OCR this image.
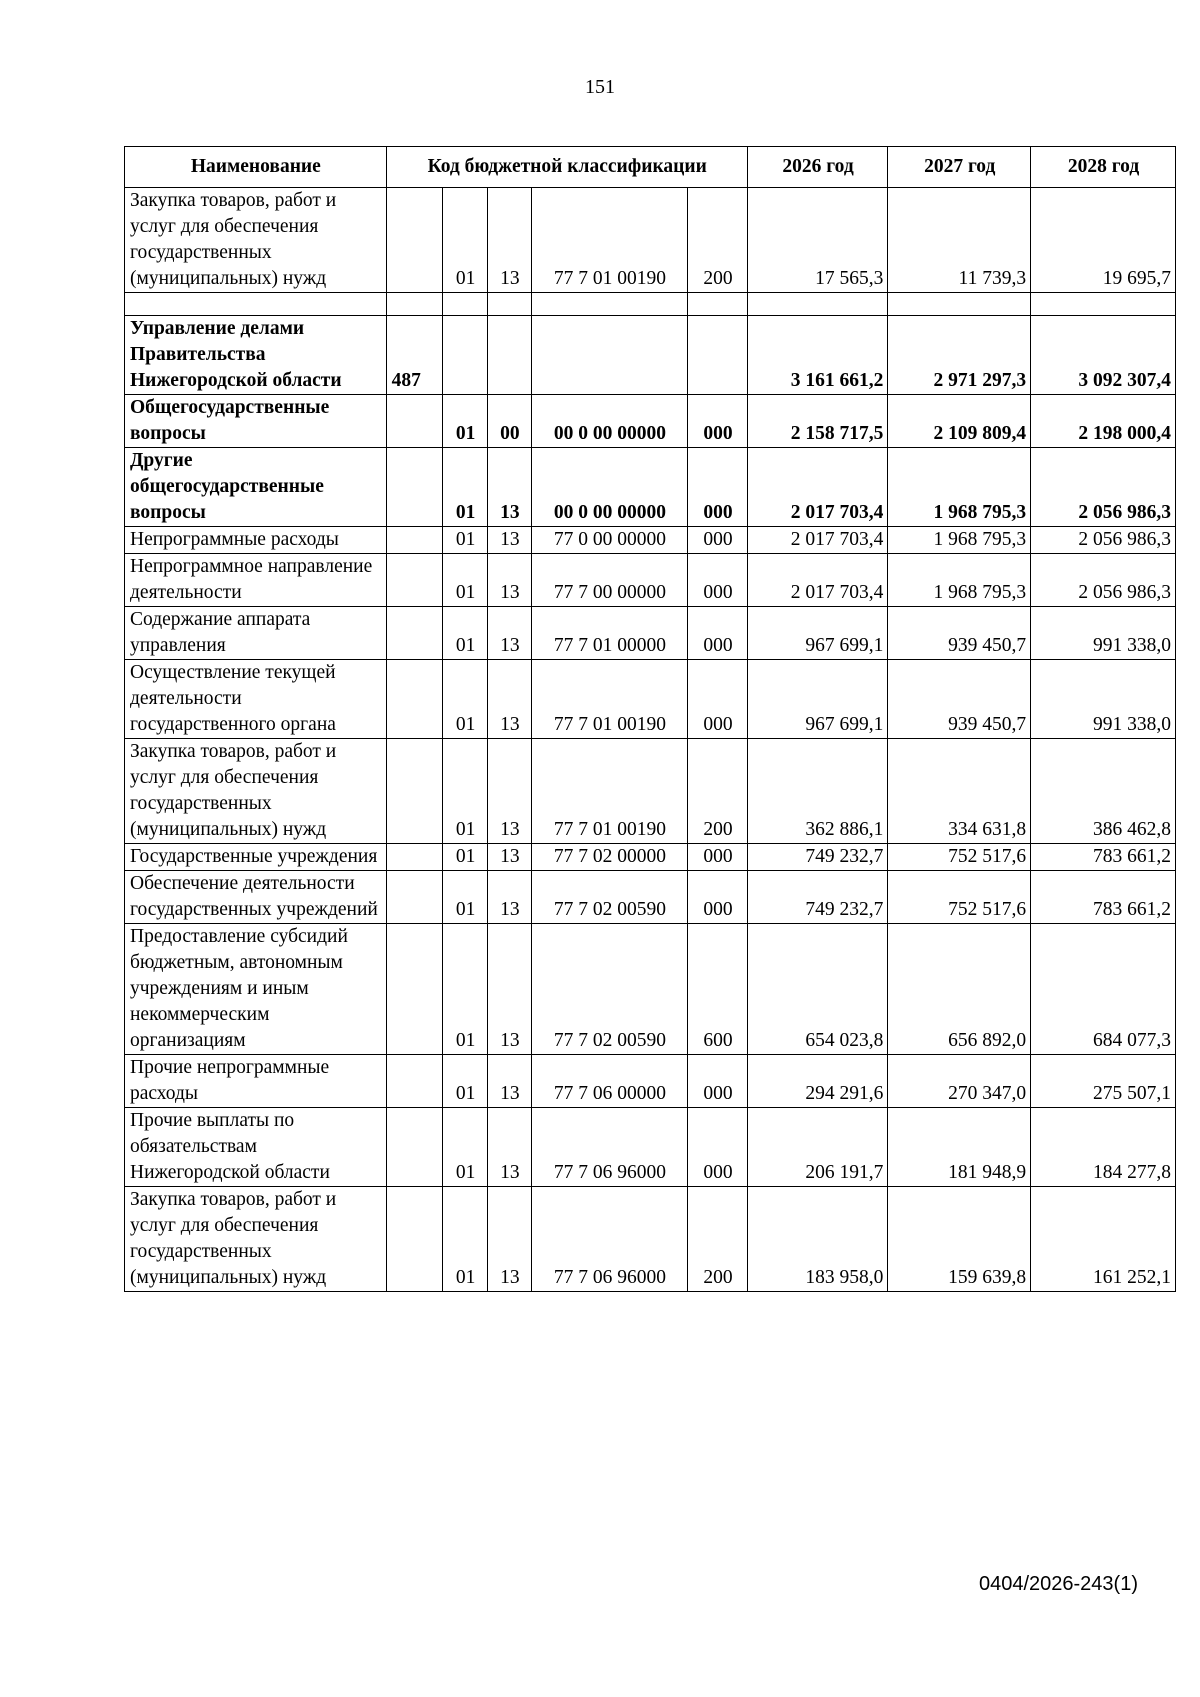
151
Наименование	Код бюджетной классификации					2026 год	2027 год	2028 год
Закупка товаров, работ и услуг для обеспечения государственных (муниципальных) нужд		01	13	77 7 01 00190	200	17 565,3	11 739,3	19 695,7

Управление делами Правительства Нижегородской области	487					3 161 661,2	2 971 297,3	3 092 307,4
Общегосударственные вопросы		01	00	00 0 00 00000	000	2 158 717,5	2 109 809,4	2 198 000,4
Другие общегосударственные вопросы		01	13	00 0 00 00000	000	2 017 703,4	1 968 795,3	2 056 986,3
Непрограммные расходы		01	13	77 0 00 00000	000	2 017 703,4	1 968 795,3	2 056 986,3
Непрограммное направление деятельности		01	13	77 7 00 00000	000	2 017 703,4	1 968 795,3	2 056 986,3
Содержание аппарата управления		01	13	77 7 01 00000	000	967 699,1	939 450,7	991 338,0
Осуществление текущей деятельности государственного органа		01	13	77 7 01 00190	000	967 699,1	939 450,7	991 338,0
Закупка товаров, работ и услуг для обеспечения государственных (муниципальных) нужд		01	13	77 7 01 00190	200	362 886,1	334 631,8	386 462,8
Государственные учреждения		01	13	77 7 02 00000	000	749 232,7	752 517,6	783 661,2
Обеспечение деятельности государственных учреждений		01	13	77 7 02 00590	000	749 232,7	752 517,6	783 661,2
Предоставление субсидий бюджетным, автономным учреждениям и иным некоммерческим организациям		01	13	77 7 02 00590	600	654 023,8	656 892,0	684 077,3
Прочие непрограммные расходы		01	13	77 7 06 00000	000	294 291,6	270 347,0	275 507,1
Прочие выплаты по обязательствам Нижегородской области		01	13	77 7 06 96000	000	206 191,7	181 948,9	184 277,8
Закупка товаров, работ и услуг для обеспечения государственных (муниципальных) нужд		01	13	77 7 06 96000	200	183 958,0	159 639,8	161 252,1
0404/2026-243(1)
